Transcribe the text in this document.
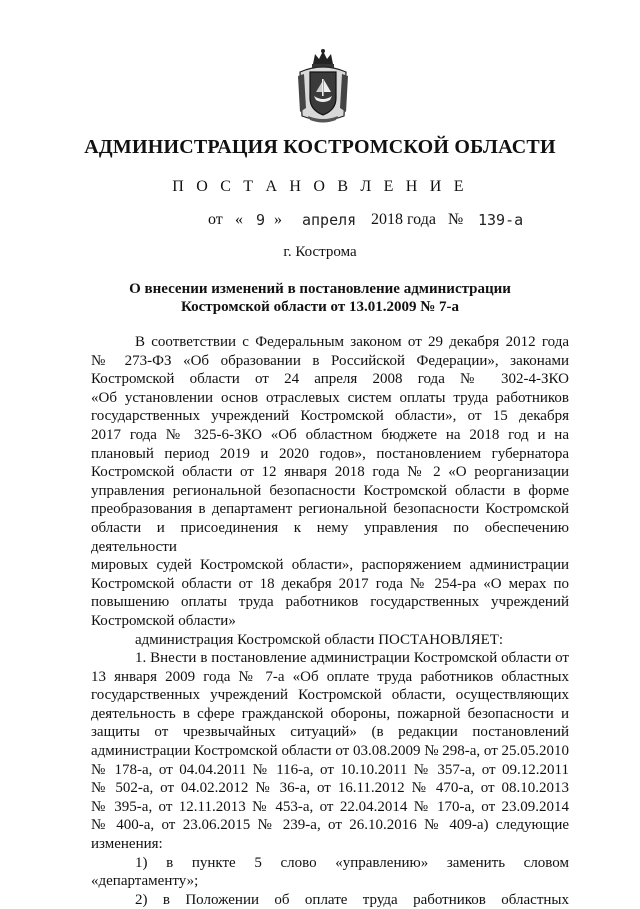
АДМИНИСТРАЦИЯ КОСТРОМСКОЙ ОБЛАСТИ
П О С Т А Н О В Л Е Н И Е
от « 9 » апреля 2018 года № 139-а
г. Кострома
О внесении изменений в постановление администрации
Костромской области от 13.01.2009 № 7-а

В соответствии с Федеральным законом от 29 декабря 2012 года

№ 273-ФЗ «Об образовании в Российской Федерации», законами

Костромской области от 24 апреля 2008 года № 302-4-ЗКО

«Об установлении основ отраслевых систем оплаты труда работников

государственных учреждений Костромской области», от 15 декабря

2017 года № 325-6-ЗКО «Об областном бюджете на 2018 год и на

плановый период 2019 и 2020 годов», постановлением губернатора

Костромской области от 12 января 2018 года № 2 «О реорганизации

управления региональной безопасности Костромской области в форме

преобразования в департамент региональной безопасности Костромской

области и присоединения к нему управления по обеспечению деятельности

мировых судей Костромской области», распоряжением администрации

Костромской области от 18 декабря 2017 года № 254-ра «О мерах по

повышению оплаты труда работников государственных учреждений

Костромской области»

администрация Костромской области ПОСТАНОВЛЯЕТ:

1. Внести в постановление администрации Костромской области от

13 января 2009 года № 7-а «Об оплате труда работников областных

государственных учреждений Костромской области, осуществляющих

деятельность в сфере гражданской обороны, пожарной безопасности и

защиты от чрезвычайных ситуаций» (в редакции постановлений

администрации Костромской области от 03.08.2009 № 298-а, от 25.05.2010

№ 178-а, от 04.04.2011 № 116-а, от 10.10.2011 № 357-а, от 09.12.2011

№ 502-а, от 04.02.2012 № 36-а, от 16.11.2012 № 470-а, от 08.10.2013

№ 395-а, от 12.11.2013 № 453-а, от 22.04.2014 № 170-а, от 23.09.2014

№ 400-а, от 23.06.2015 № 239-а, от 26.10.2016 № 409-а) следующие

изменения:

1) в пункте 5 слово «управлению» заменить словом «департаменту»;

2) в Положении об оплате труда работников областных
